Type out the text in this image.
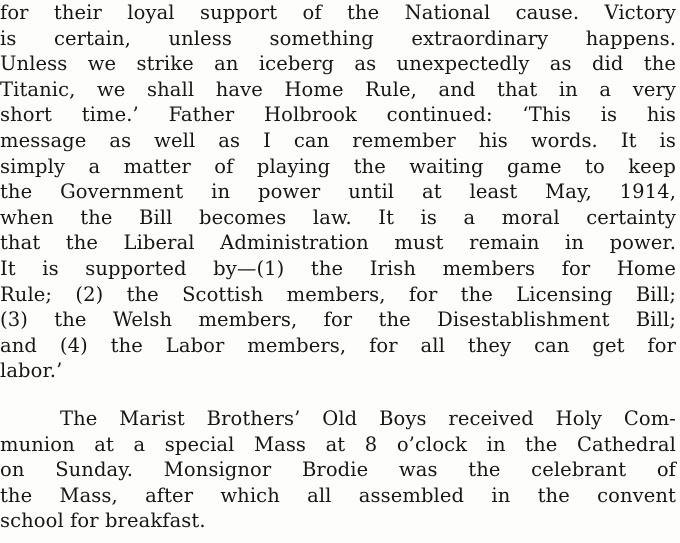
for their loyal support of the National cause. Victory
is certain, unless something extraordinary happens.
Unless we strike an iceberg as unexpectedly as did the
Titanic, we shall have Home Rule, and that in a very
short time.’ Father Holbrook continued: ‘This is his
message as well as I can remember his words. It is
simply a matter of playing the waiting game to keep
the Government in power until at least May, 1914,
when the Bill becomes law. It is a moral certainty
that the Liberal Administration must remain in power.
It is supported by—(1) the Irish members for Home
Rule; (2) the Scottish members, for the Licensing Bill;
(3) the Welsh members, for the Disestablishment Bill;
and (4) the Labor members, for all they can get for
labor.’
The Marist Brothers’ Old Boys received Holy Com-
munion at a special Mass at 8 o’clock in the Cathedral
on Sunday. Monsignor Brodie was the celebrant of
the Mass, after which all assembled in the convent
school for breakfast.
